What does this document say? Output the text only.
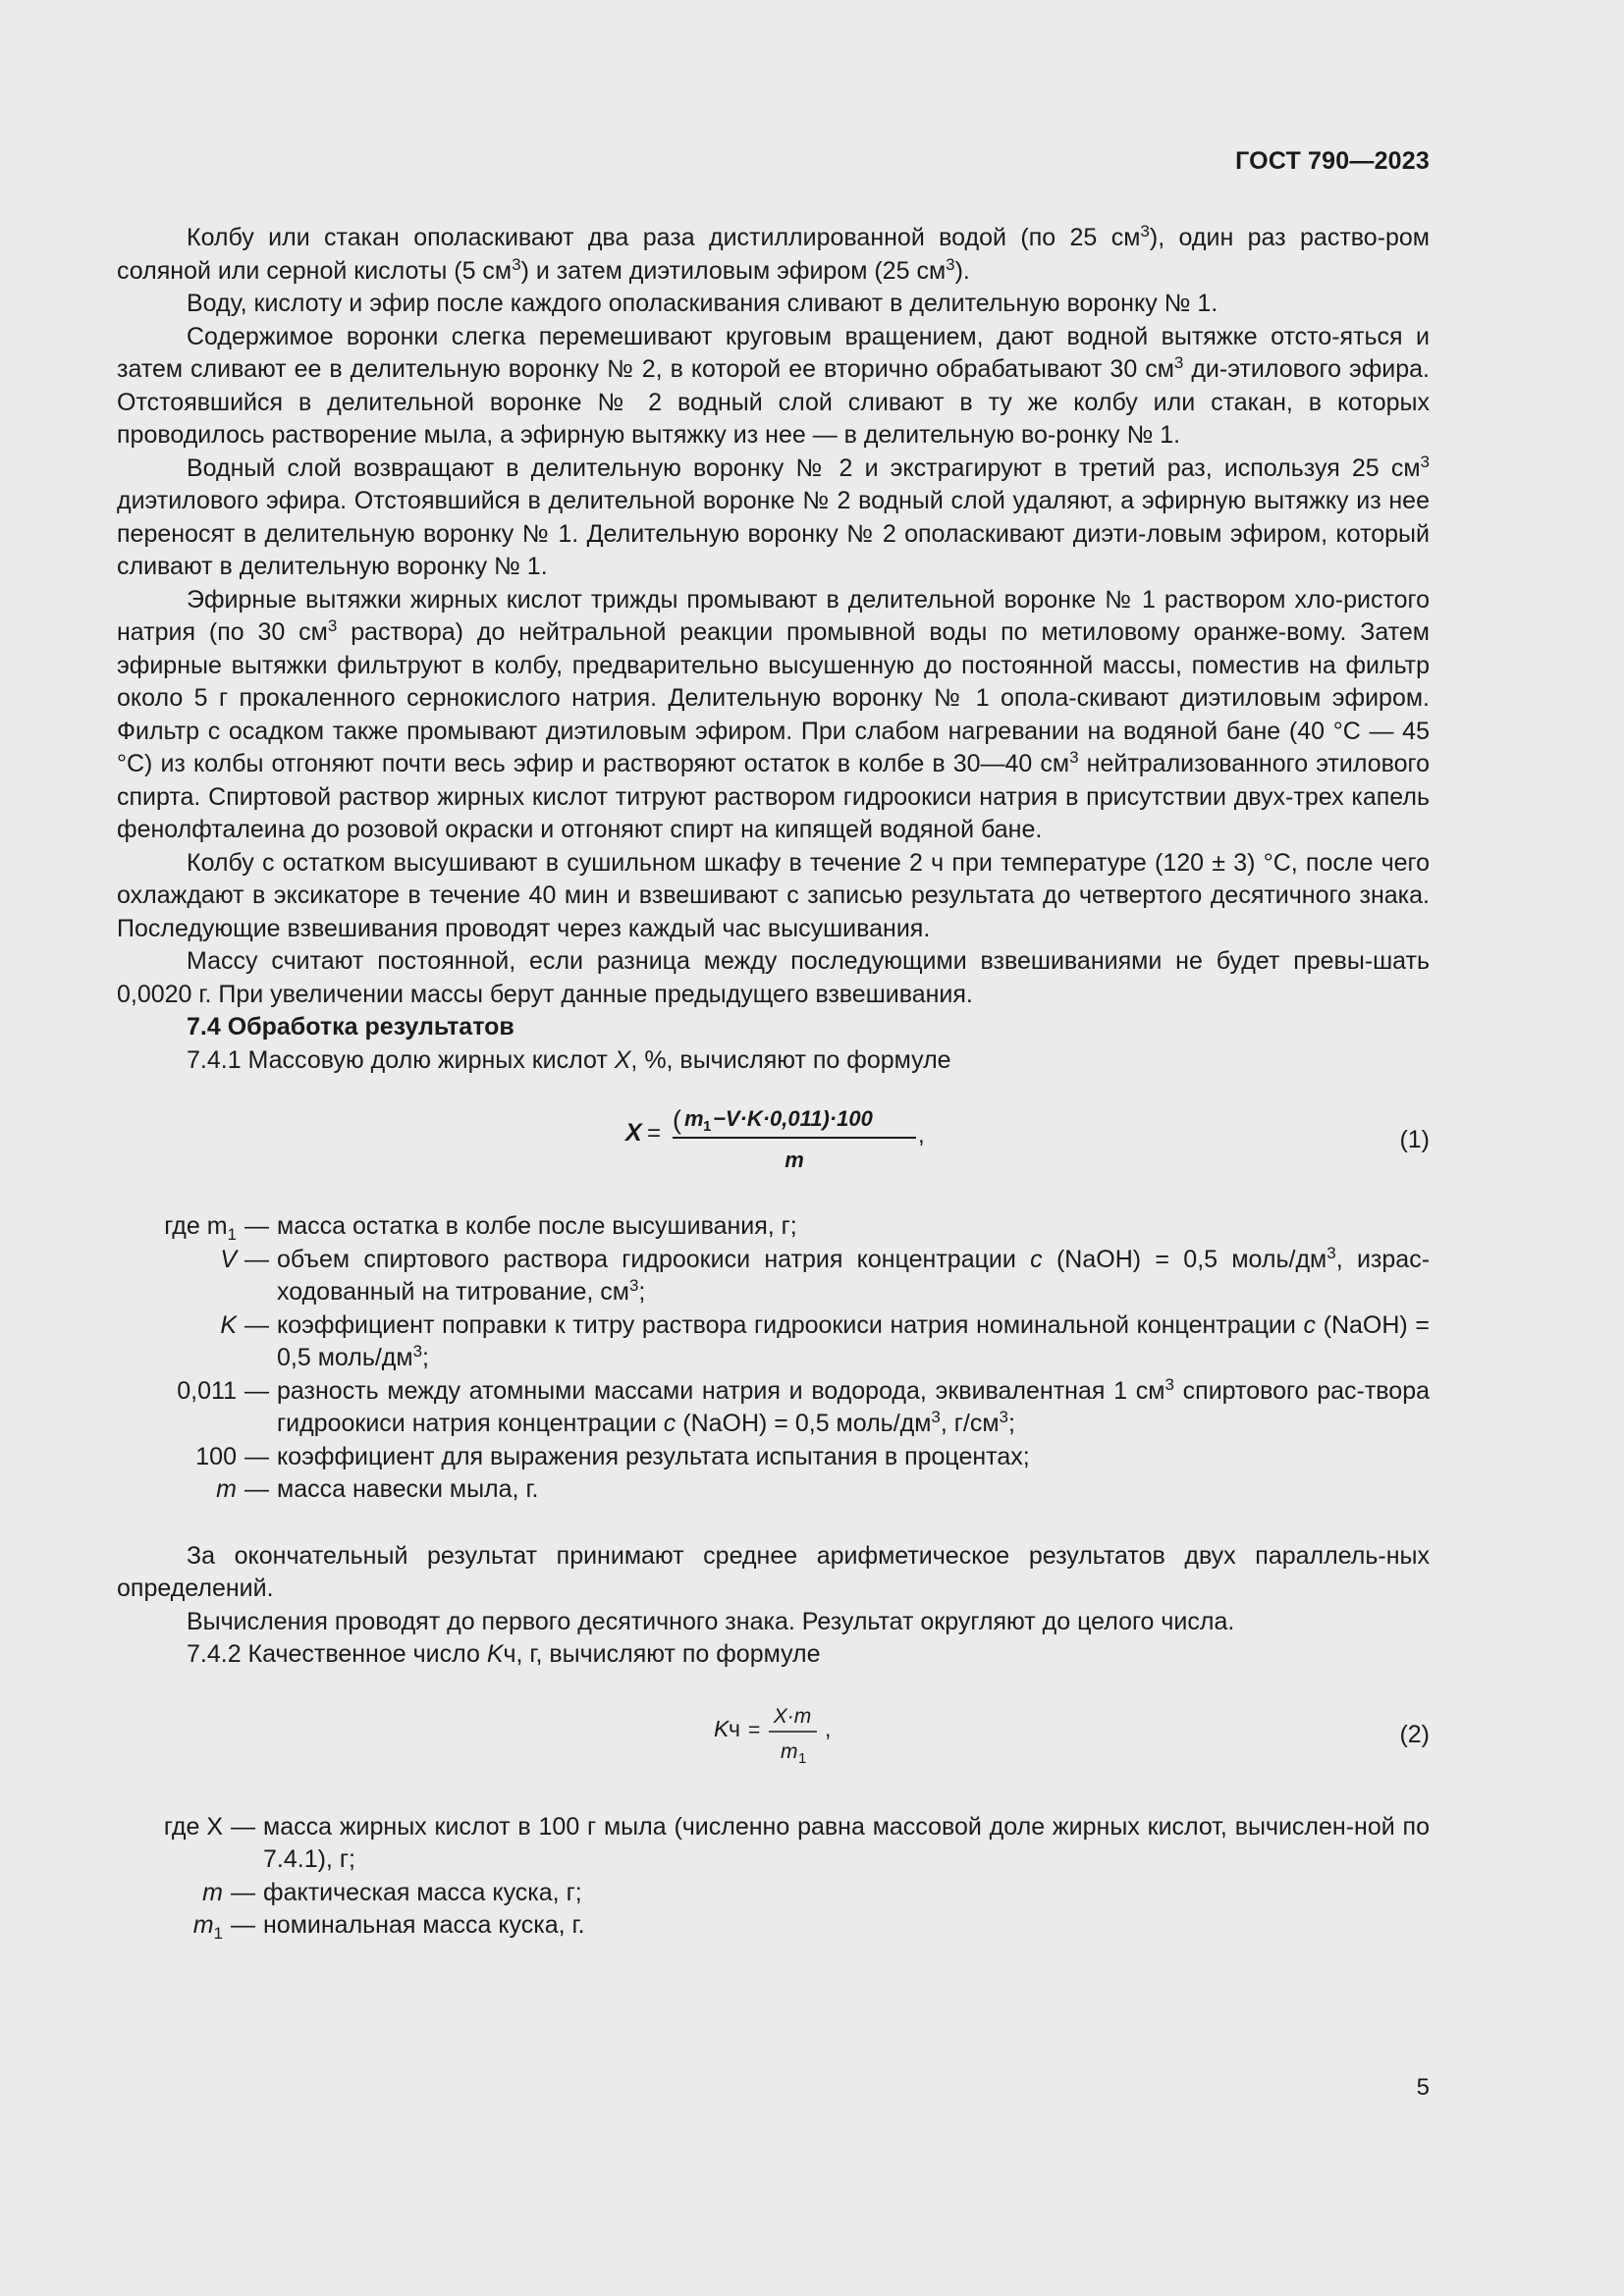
ГОСТ 790—2023

Колбу или стакан ополаскивают два раза дистиллированной водой (по 25 $см^3$), один раз раство-ром соляной или серной кислоты (5 $см^3$) и затем диэтиловым эфиром (25 $см^3$).

Воду, кислоту и эфир после каждого ополаскивания сливают в делительную воронку № 1.

Содержимое воронки слегка перемешивают круговым вращением, дают водной вытяжке отсто-яться и затем сливают ее в делительную воронку № 2, в которой ее вторично обрабатывают 30 $см^3$ ди-этилового эфира. Отстоявшийся в делительной воронке № 2 водный слой сливают в ту же колбу или стакан, в которых проводилось растворение мыла, а эфирную вытяжку из нее — в делительную во-ронку № 1.

Водный слой возвращают в делительную воронку № 2 и экстрагируют в третий раз, используя 25 $см^3$ диэтилового эфира. Отстоявшийся в делительной воронке № 2 водный слой удаляют, а эфирную вытяжку из нее переносят в делительную воронку № 1. Делительную воронку № 2 ополаскивают диэти-ловым эфиром, который сливают в делительную воронку № 1.

Эфирные вытяжки жирных кислот трижды промывают в делительной воронке № 1 раствором хло-ристого натрия (по 30 $см^3$ раствора) до нейтральной реакции промывной воды по метиловому оранже-вому. Затем эфирные вытяжки фильтруют в колбу, предварительно высушенную до постоянной массы, поместив на фильтр около 5 г прокаленного сернокислого натрия. Делительную воронку № 1 опола-скивают диэтиловым эфиром. Фильтр с осадком также промывают диэтиловым эфиром. При слабом нагревании на водяной бане (40 °С — 45 °С) из колбы отгоняют почти весь эфир и растворяют остаток в колбе в 30—40 $см^3$ нейтрализованного этилового спирта. Спиртовой раствор жирных кислот титруют раствором гидроокиси натрия в присутствии двух-трех капель фенолфталеина до розовой окраски и отгоняют спирт на кипящей водяной бане.

Колбу с остатком высушивают в сушильном шкафу в течение 2 ч при температуре (120 ± 3) °С, после чего охлаждают в эксикаторе в течение 40 мин и взвешивают с записью результата до четвертого десятичного знака. Последующие взвешивания проводят через каждый час высушивания.

Массу считают постоянной, если разница между последующими взвешиваниями не будет превы-шать 0,0020 г. При увеличении массы берут данные предыдущего взвешивания.

7.4 Обработка результатов

7.4.1 Массовую долю жирных кислот X, %, вычисляют по формуле

X = ( m 1 −V·K·0,011)·100
m
,	(1)
где $m_1$ — масса остатка в колбе после высушивания, г;
V — объем спиртового раствора гидроокиси натрия концентрации c (NaOH) = 0,5 моль/$дм^3$, израс-ходованный на титрование, $см^3$;
K — коэффициент поправки к титру раствора гидроокиси натрия номинальной концентрации c (NaOH) = 0,5 моль/$дм^3$;
0,011 — разность между атомными массами натрия и водорода, эквивалентная 1 $см^3$ спиртового рас-твора гидроокиси натрия концентрации c (NaOH) = 0,5 моль/$дм^3$, $г/см^3$;
100 — коэффициент для выражения результата испытания в процентах;
m — масса навески мыла, г.

За окончательный результат принимают среднее арифметическое результатов двух параллель-ных определений.

Вычисления проводят до первого десятичного знака. Результат округляют до целого числа.

7.4.2 Качественное число Kч, г, вычисляют по формуле

K ч =
X·m
m 1
,	(2)
где X — масса жирных кислот в 100 г мыла (численно равна массовой доле жирных кислот, вычислен-ной по 7.4.1), г;
m — фактическая масса куска, г;
$m_1$ — номинальная масса куска, г.
5
